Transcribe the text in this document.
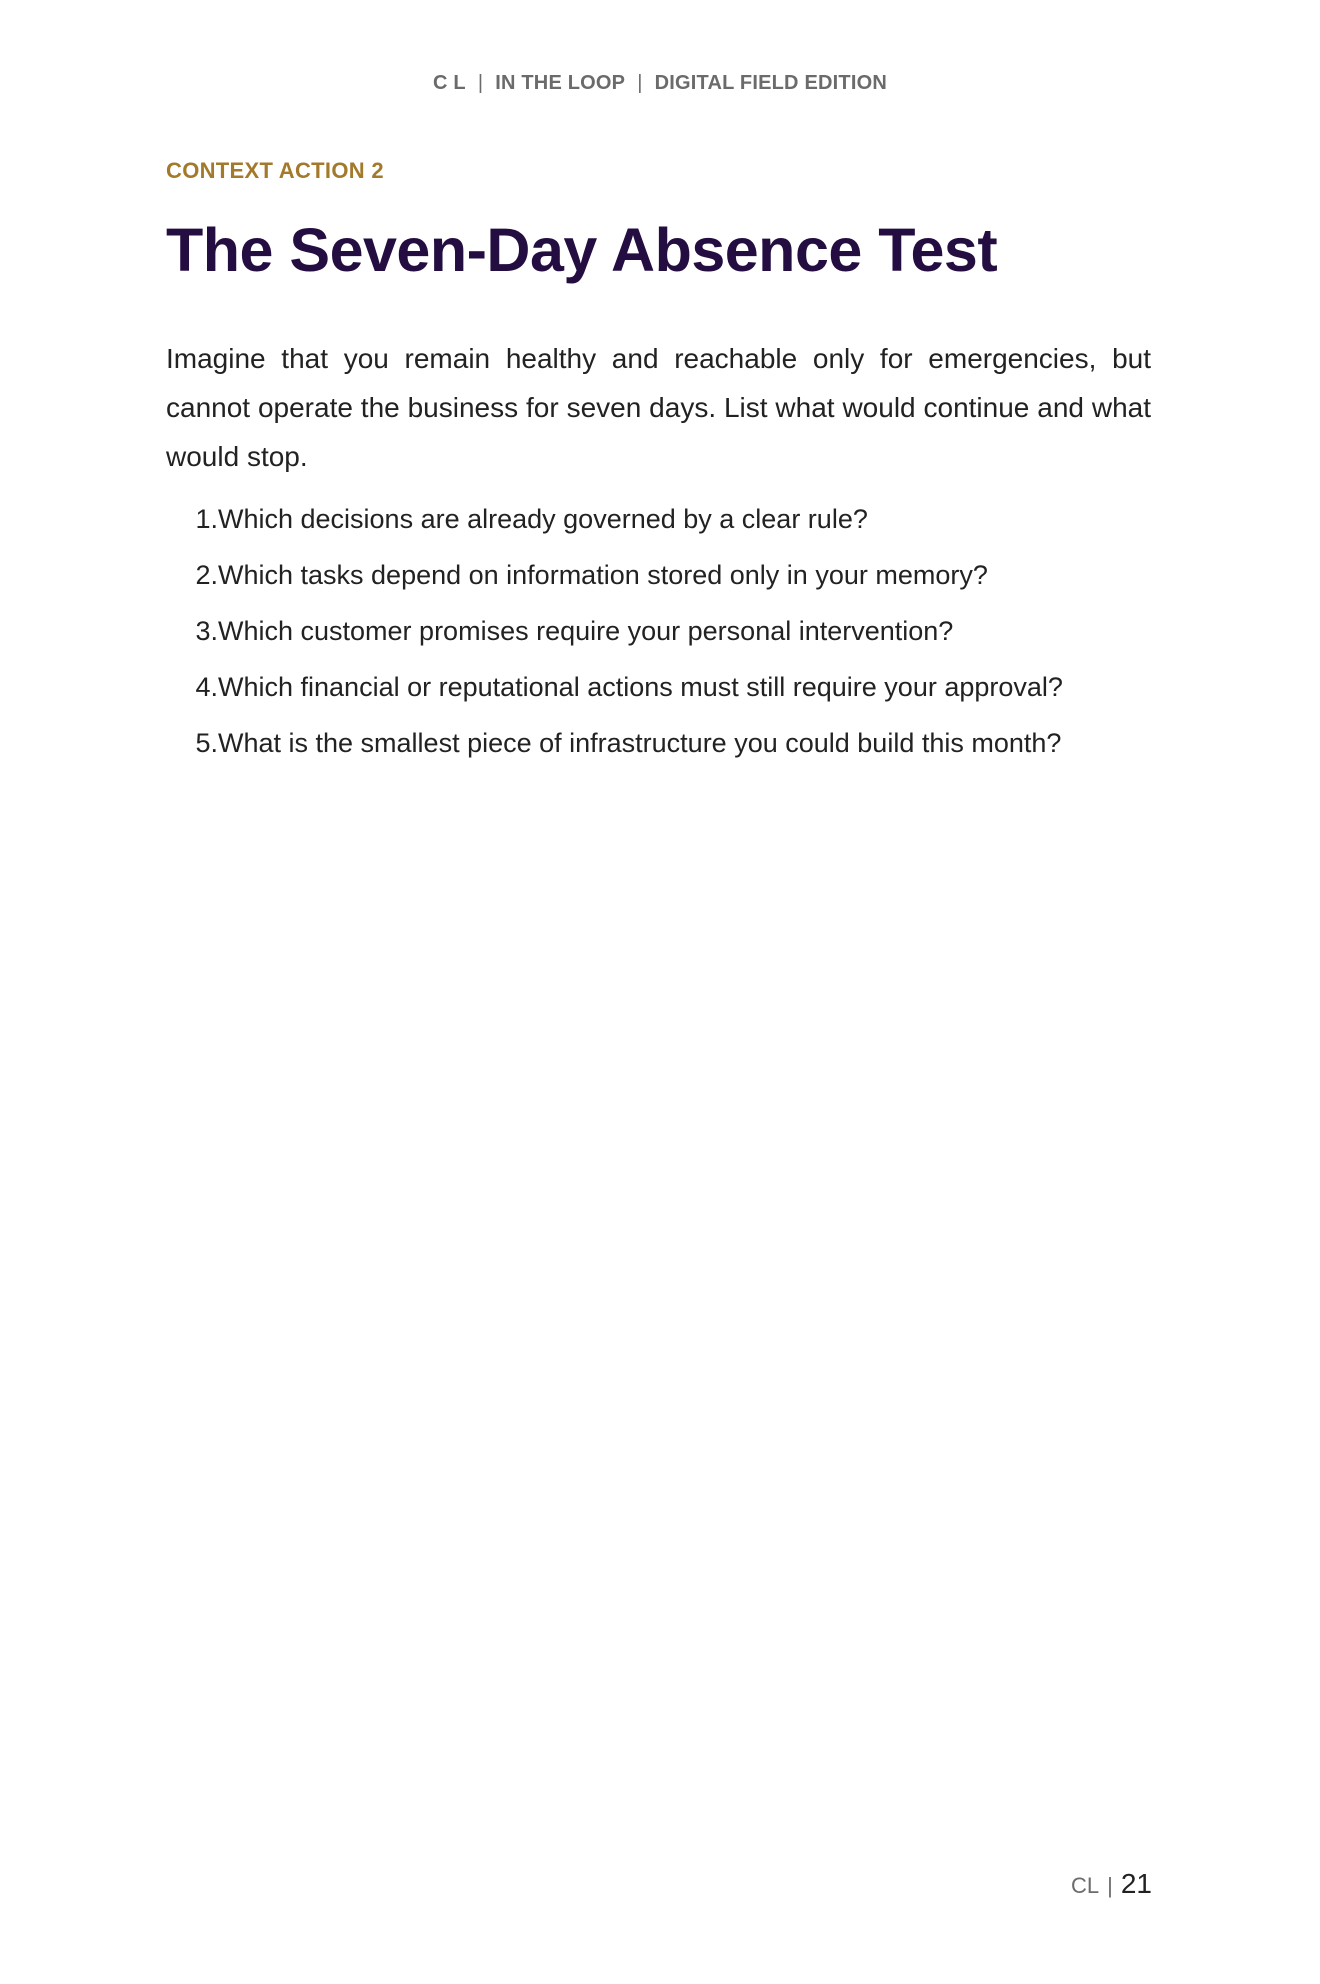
C L | IN THE LOOP | DIGITAL FIELD EDITION

CONTEXT ACTION 2

The Seven-Day Absence Test

Imagine that you remain healthy and reachable only for emergencies, but cannot operate the business for seven days. List what would continue and what would stop.

1. Which decisions are already governed by a clear rule?
2. Which tasks depend on information stored only in your memory?
3. Which customer promises require your personal intervention?
4. Which financial or reputational actions must still require your approval?
5. What is the smallest piece of infrastructure you could build this month?
CL | 21
